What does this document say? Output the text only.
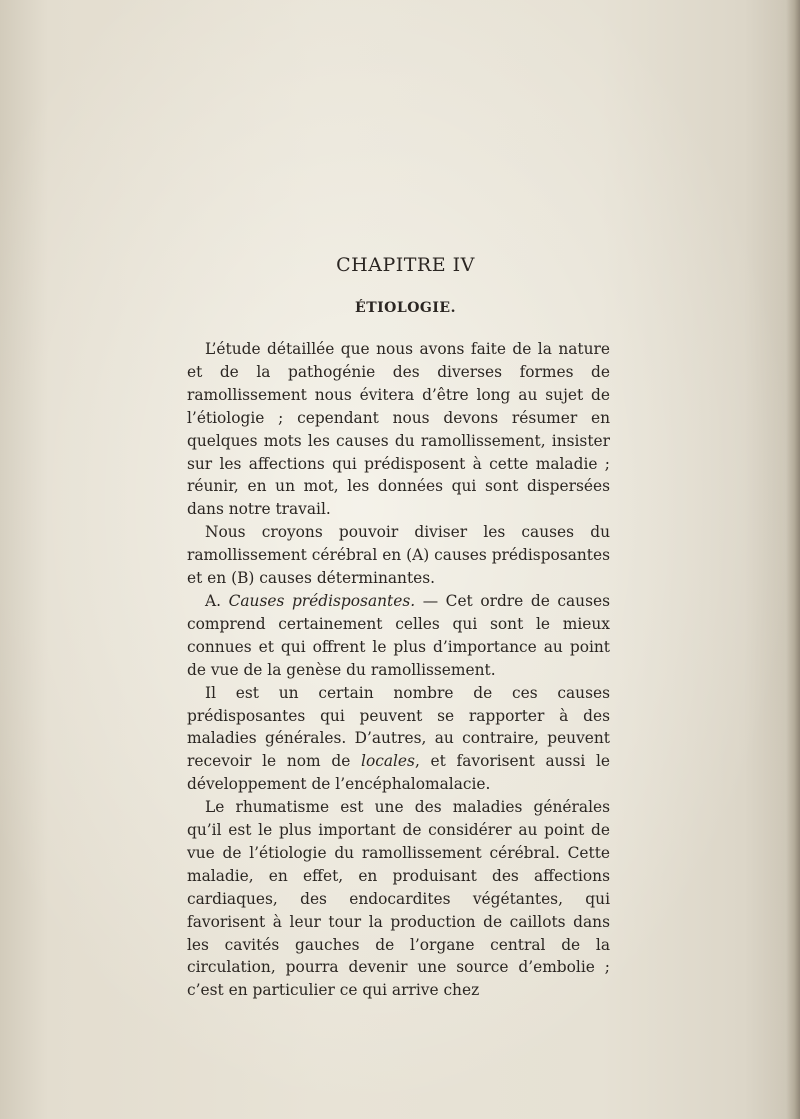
CHAPITRE IV
ÉTIOLOGIE.

L’étude détaillée que nous avons faite de la nature et de la pathogénie des diverses formes de ramollissement nous évitera d’être long au sujet de l’étiologie ; cependant nous devons résumer en quelques mots les causes du ramollissement, insister sur les affections qui prédisposent à cette maladie ; réunir, en un mot, les données qui sont dispersées dans notre travail.

Nous croyons pouvoir diviser les causes du ramollissement cérébral en (A) causes prédisposantes et en (B) causes déterminantes.

A. Causes prédisposantes. — Cet ordre de causes comprend certainement celles qui sont le mieux connues et qui offrent le plus d’importance au point de vue de la genèse du ramollissement.

Il est un certain nombre de ces causes prédisposantes qui peuvent se rapporter à des maladies générales. D’autres, au contraire, peuvent recevoir le nom de locales, et favorisent aussi le développement de l’encéphalomalacie.

Le rhumatisme est une des maladies générales qu’il est le plus important de considérer au point de vue de l’étiologie du ramollissement cérébral. Cette maladie, en effet, en produisant des affections cardiaques, des endocardites végétantes, qui favorisent à leur tour la production de caillots dans les cavités gauches de l’organe central de la circulation, pourra devenir une source d’embolie ; c’est en particulier ce qui arrive chez
